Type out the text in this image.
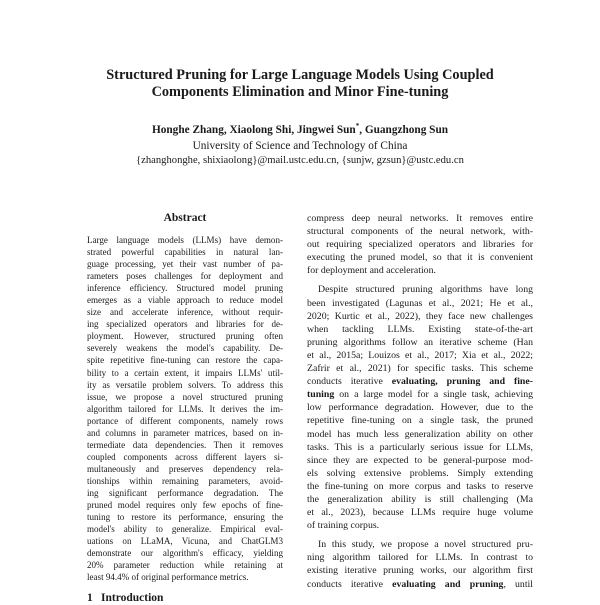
Structured Pruning for Large Language Models Using Coupled
Components Elimination and Minor Fine-tuning
Honghe Zhang, Xiaolong Shi, Jingwei Sun*, Guangzhong Sun
University of Science and Technology of China
{zhanghonghe, shixiaolong}@mail.ustc.edu.cn, {sunjw, gzsun}@ustc.edu.cn
Abstract
Large language models (LLMs) have demon-
strated powerful capabilities in natural lan-
guage processing, yet their vast number of pa-
rameters poses challenges for deployment and
inference efficiency. Structured model pruning
emerges as a viable approach to reduce model
size and accelerate inference, without requir-
ing specialized operators and libraries for de-
ployment. However, structured pruning often
severely weakens the model's capability. De-
spite repetitive fine-tuning can restore the capa-
bility to a certain extent, it impairs LLMs' util-
ity as versatile problem solvers. To address this
issue, we propose a novel structured pruning
algorithm tailored for LLMs. It derives the im-
portance of different components, namely rows
and columns in parameter matrices, based on in-
termediate data dependencies. Then it removes
coupled components across different layers si-
multaneously and preserves dependency rela-
tionships within remaining parameters, avoid-
ing significant performance degradation. The
pruned model requires only few epochs of fine-
tuning to restore its performance, ensuring the
model's ability to generalize. Empirical eval-
uations on LLaMA, Vicuna, and ChatGLM3
demonstrate our algorithm's efficacy, yielding
20% parameter reduction while retaining at
least 94.4% of original performance metrics.
1 Introduction
compress deep neural networks. It removes entire
structural components of the neural network, with-
out requiring specialized operators and libraries for
executing the pruned model, so that it is convenient
for deployment and acceleration.
Despite structured pruning algorithms have long
been investigated (Lagunas et al., 2021; He et al.,
2020; Kurtic et al., 2022), they face new challenges
when tackling LLMs. Existing state-of-the-art
pruning algorithms follow an iterative scheme (Han
et al., 2015a; Louizos et al., 2017; Xia et al., 2022;
Zafrir et al., 2021) for specific tasks. This scheme
conducts iterative evaluating, pruning and fine-
tuning on a large model for a single task, achieving
low performance degradation. However, due to the
repetitive fine-tuning on a single task, the pruned
model has much less generalization ability on other
tasks. This is a particularly serious issue for LLMs,
since they are expected to be general-purpose mod-
els solving extensive problems. Simply extending
the fine-tuning on more corpus and tasks to reserve
the generalization ability is still challenging (Ma
et al., 2023), because LLMs require huge volume
of training corpus.
In this study, we propose a novel structured pru-
ning algorithm tailored for LLMs. In contrast to
existing iterative pruning works, our algorithm first
conducts iterative evaluating and pruning, until
